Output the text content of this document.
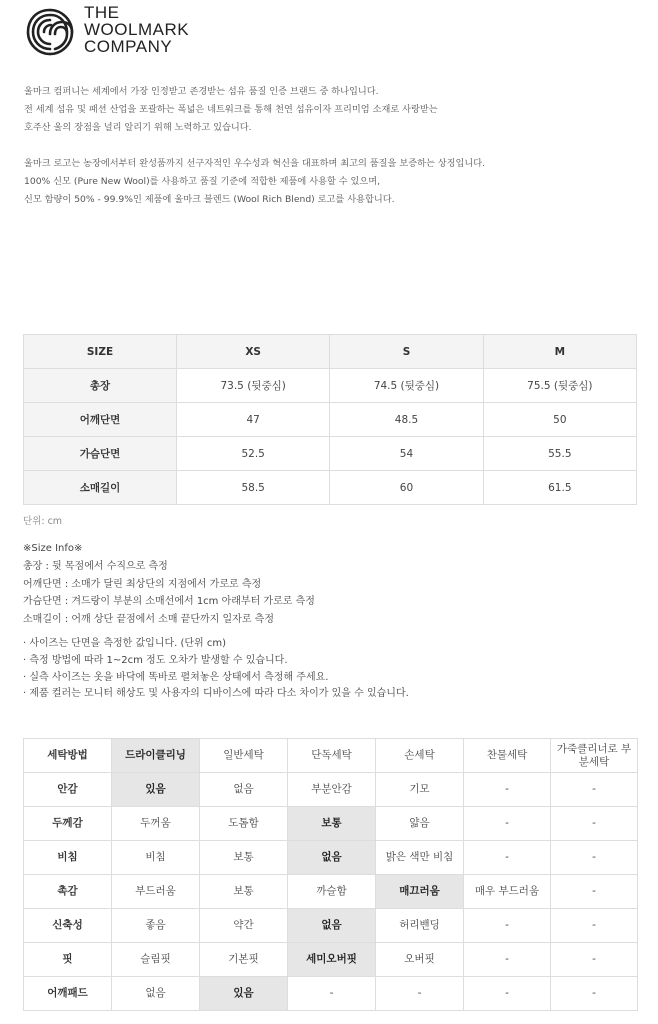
THE
WOOLMARK
COMPANY
울마크 컴퍼니는 세계에서 가장 인정받고 존경받는 섬유 품질 인증 브랜드 중 하나입니다.
전 세계 섬유 및 패션 산업을 포괄하는 폭넓은 네트워크를 통해 천연 섬유이자 프리미엄 소재로 사랑받는
호주산 울의 장점을 널리 알리기 위해 노력하고 있습니다.
울마크 로고는 농장에서부터 완성품까지 선구자적인 우수성과 혁신을 대표하며 최고의 품질을 보증하는 상징입니다.
100% 신모 (Pure New Wool)를 사용하고 품질 기준에 적합한 제품에 사용할 수 있으며,
신모 함량이 50% - 99.9%인 제품에 울마크 블렌드 (Wool Rich Blend) 로고를 사용합니다.
SIZE	XS	S	M
총장	73.5 (뒷중심)	74.5 (뒷중심)	75.5 (뒷중심)
어깨단면	47	48.5	50
가슴단면	52.5	54	55.5
소매길이	58.5	60	61.5
단위: cm
※Size Info※
총장 : 뒷 목점에서 수직으로 측정
어깨단면 : 소매가 달린 최상단의 지점에서 가로로 측정
가슴단면 : 겨드랑이 부분의 소매선에서 1cm 아래부터 가로로 측정
소매길이 : 어깨 상단 끝점에서 소매 끝단까지 일자로 측정
· 사이즈는 단면을 측정한 값입니다. (단위 cm)
· 측정 방법에 따라 1~2cm 정도 오차가 발생할 수 있습니다.
· 실측 사이즈는 옷을 바닥에 똑바로 펼쳐놓은 상태에서 측정해 주세요.
· 제품 컬러는 모니터 해상도 및 사용자의 디바이스에 따라 다소 차이가 있을 수 있습니다.
세탁방법	드라이클리닝	일반세탁	단독세탁	손세탁	찬물세탁	가죽클리너로 부분세탁
안감	있음	없음	부분안감	기모	-	-
두께감	두꺼움	도톰함	보통	얇음	-	-
비침	비침	보통	없음	밝은 색만 비침	-	-
촉감	부드러움	보통	까슬함	매끄러움	매우 부드러움	-
신축성	좋음	약간	없음	허리밴딩	-	-
핏	슬림핏	기본핏	세미오버핏	오버핏	-	-
어깨패드	없음	있음	-	-	-	-
